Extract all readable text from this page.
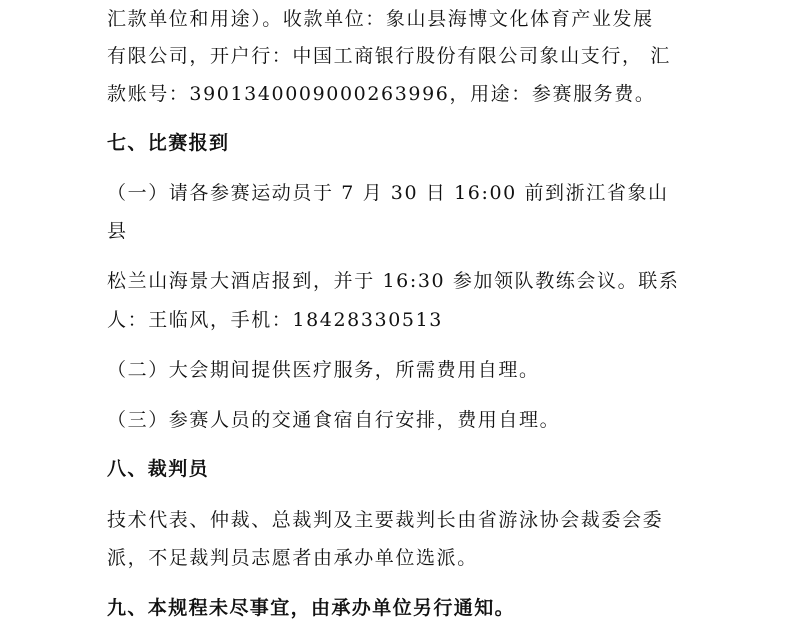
汇款单位和用途）。收款单位：象山县海博文化体育产业发展
有限公司，开户行：中国工商银行股份有限公司象山支行， 汇
款账号：3901340009000263996，用途：参赛服务费。
七、比赛报到
（一）请各参赛运动员于 7 月 30 日 16:00 前到浙江省象山
县
松兰山海景大酒店报到，并于 16:30 参加领队教练会议。联系
人：王临风，手机：18428330513
（二）大会期间提供医疗服务，所需费用自理。
（三）参赛人员的交通食宿自行安排，费用自理。
八、裁判员
技术代表、仲裁、总裁判及主要裁判长由省游泳协会裁委会委
派，不足裁判员志愿者由承办单位选派。
九、本规程未尽事宜，由承办单位另行通知。
